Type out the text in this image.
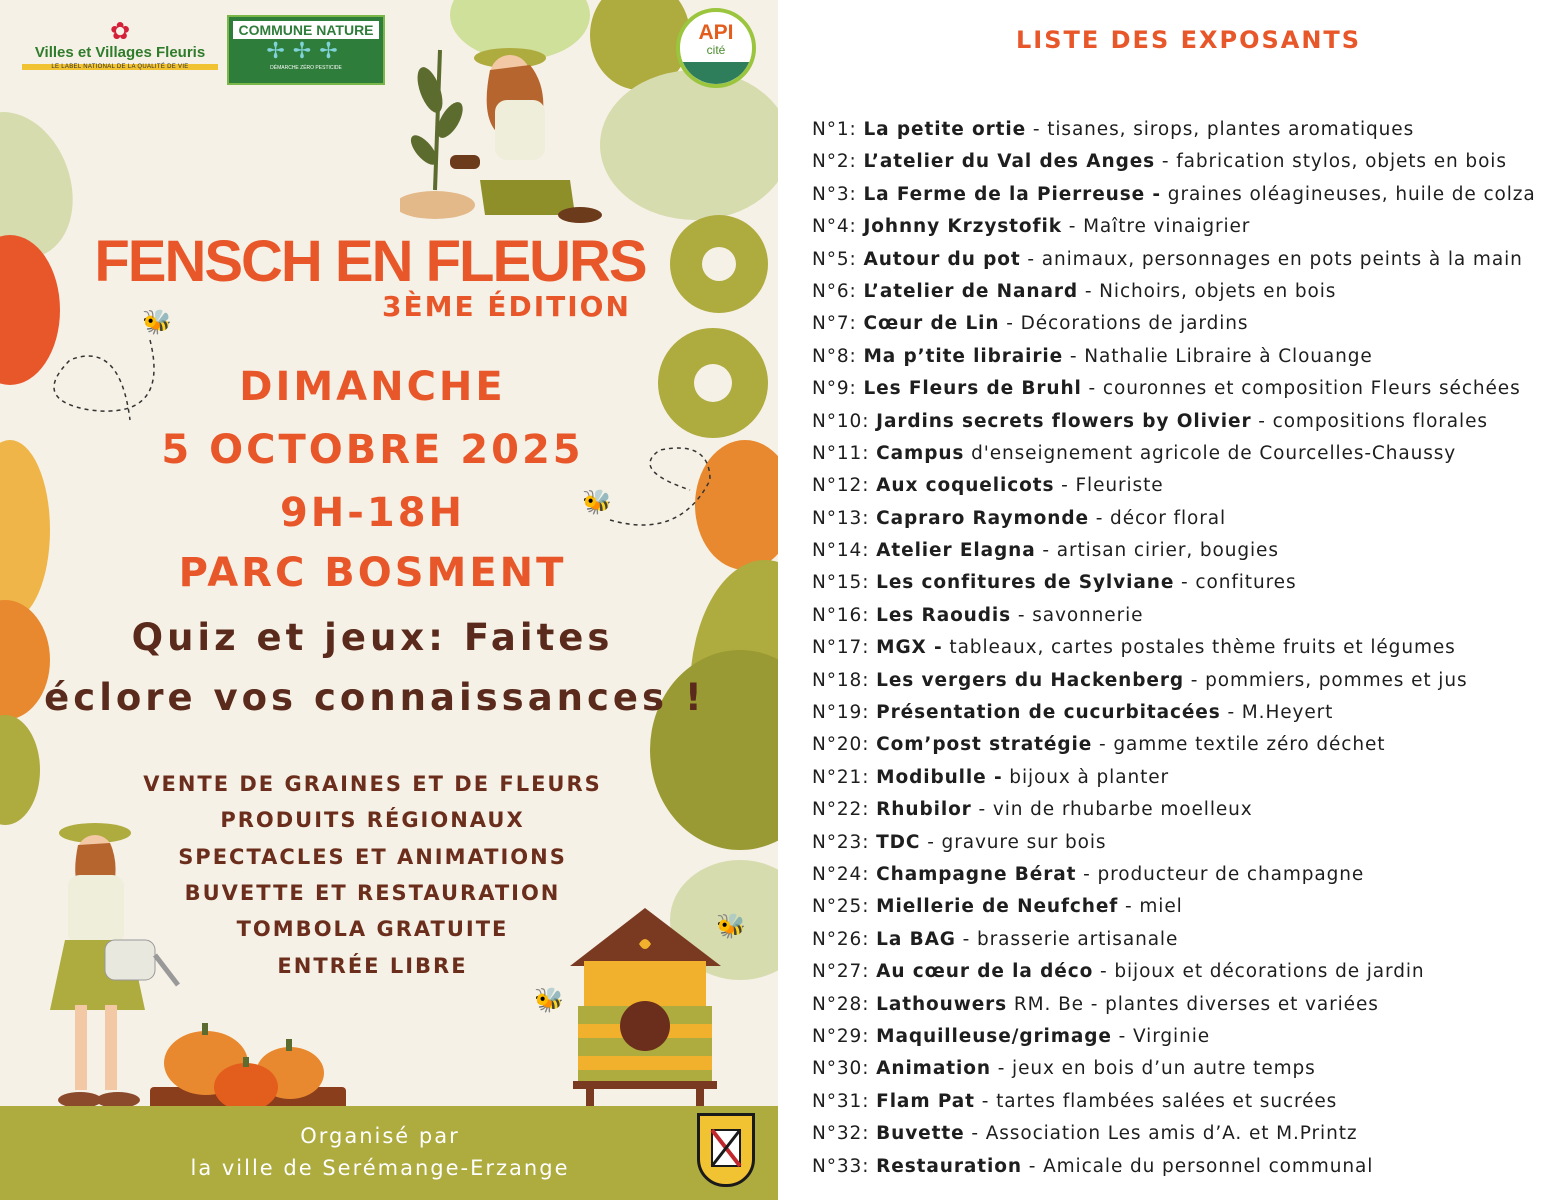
✿
Villes et Villages Fleuris
LE LABEL NATIONAL DE LA QUALITÉ DE VIE
COMMUNE NATURE
✢✢✢
DÉMARCHE ZÉRO PESTICIDE
API
cité
🐝
🐝
🐝
🐝
FENSCH EN FLEURS
3ÈME ÉDITION
DIMANCHE
5 OCTOBRE 2025
9H-18H
PARC BOSMENT
Quiz et jeux: Faites
éclore vos connaissances !
VENTE DE GRAINES ET DE FLEURS
PRODUITS RÉGIONAUX
SPECTACLES ET ANIMATIONS
BUVETTE ET RESTAURATION
TOMBOLA GRATUITE
ENTRÉE LIBRE
Organisé par
la ville de Serémange-Erzange
LISTE DES EXPOSANTS
N°1: La petite ortie - tisanes, sirops, plantes aromatiques
N°2: L’atelier du Val des Anges - fabrication stylos, objets en bois
N°3: La Ferme de la Pierreuse - graines oléagineuses, huile de colza
N°4: Johnny Krzystofik - Maître vinaigrier
N°5: Autour du pot - animaux, personnages en pots peints à la main
N°6: L’atelier de Nanard - Nichoirs, objets en bois
N°7: Cœur de Lin - Décorations de jardins
N°8: Ma p’tite librairie - Nathalie Libraire à Clouange
N°9: Les Fleurs de Bruhl - couronnes et composition Fleurs séchées
N°10: Jardins secrets flowers by Olivier - compositions florales
N°11: Campus d'enseignement agricole de Courcelles-Chaussy
N°12: Aux coquelicots - Fleuriste
N°13: Capraro Raymonde - décor floral
N°14: Atelier Elagna - artisan cirier, bougies
N°15: Les confitures de Sylviane - confitures
N°16: Les Raoudis - savonnerie
N°17: MGX - tableaux, cartes postales thème fruits et légumes
N°18: Les vergers du Hackenberg - pommiers, pommes et jus
N°19: Présentation de cucurbitacées - M.Heyert
N°20: Com’post stratégie - gamme textile zéro déchet
N°21: Modibulle - bijoux à planter
N°22: Rhubilor - vin de rhubarbe moelleux
N°23: TDC - gravure sur bois
N°24: Champagne Bérat - producteur de champagne
N°25: Miellerie de Neufchef - miel
N°26: La BAG - brasserie artisanale
N°27: Au cœur de la déco - bijoux et décorations de jardin
N°28: Lathouwers RM. Be - plantes diverses et variées
N°29: Maquilleuse/grimage - Virginie
N°30: Animation - jeux en bois d’un autre temps
N°31: Flam Pat - tartes flambées salées et sucrées
N°32: Buvette - Association Les amis d’A. et M.Printz
N°33: Restauration - Amicale du personnel communal
